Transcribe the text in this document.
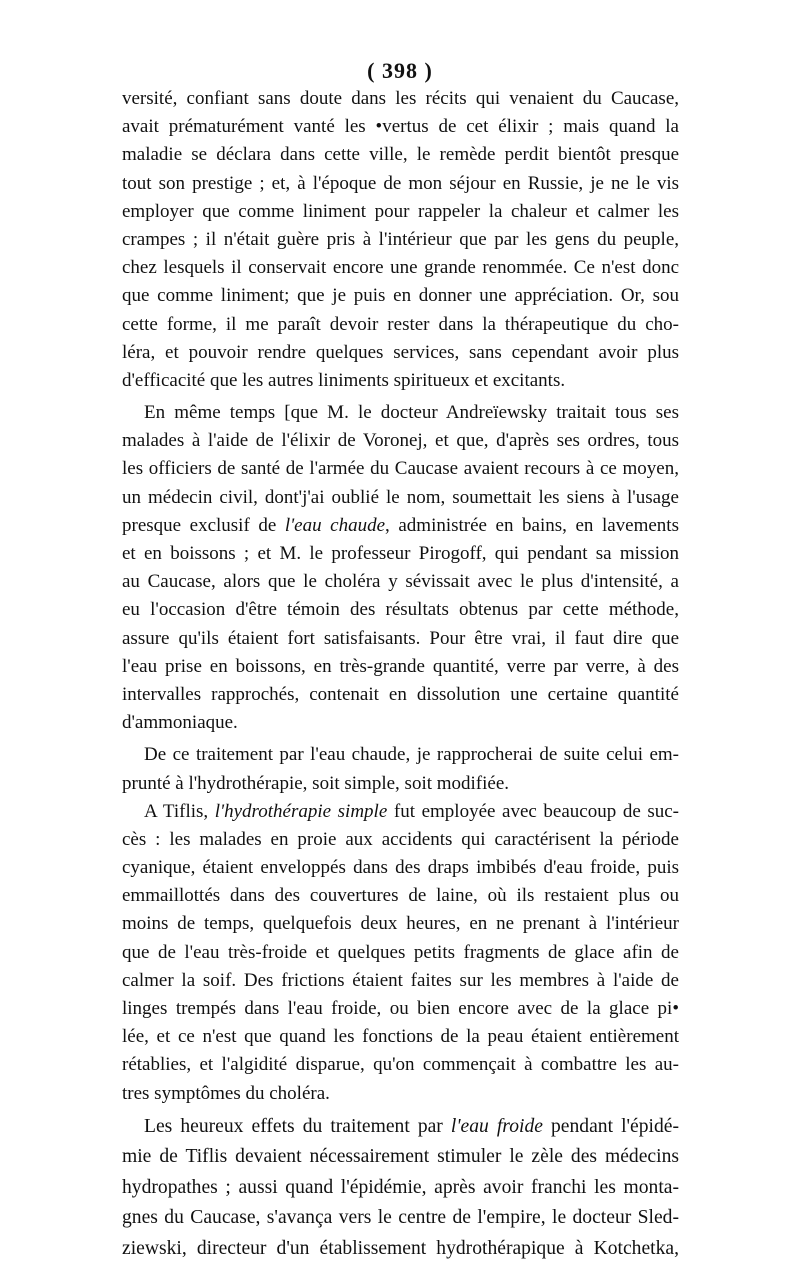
( 398 )
versité, confiant sans doute dans les récits qui venaient du Caucase,
avait prématurément vanté les •vertus de cet élixir ; mais quand la
maladie se déclara dans cette ville, le remède perdit bientôt presque
tout son prestige ; et, à l'époque de mon séjour en Russie, je ne le vis
employer que comme liniment pour rappeler la chaleur et calmer les
crampes ; il n'était guère pris à l'intérieur que par les gens du peuple,
chez lesquels il conservait encore une grande renommée. Ce n'est donc
que comme liniment; que je puis en donner une appréciation. Or, sou
cette forme, il me paraît devoir rester dans la thérapeutique du cho-
léra, et pouvoir rendre quelques services, sans cependant avoir plus
d'efficacité que les autres liniments spiritueux et excitants.
En même temps [que M. le docteur Andreïewsky traitait tous ses
malades à l'aide de l'élixir de Voronej, et que, d'après ses ordres, tous
les officiers de santé de l'armée du Caucase avaient recours à ce moyen,
un médecin civil, dont'j'ai oublié le nom, soumettait les siens à l'usage
presque exclusif de l'eau chaude, administrée en bains, en lavements
et en boissons ; et M. le professeur Pirogoff, qui pendant sa mission
au Caucase, alors que le choléra y sévissait avec le plus d'intensité, a
eu l'occasion d'être témoin des résultats obtenus par cette méthode,
assure qu'ils étaient fort satisfaisants. Pour être vrai, il faut dire que
l'eau prise en boissons, en très-grande quantité, verre par verre, à des
intervalles rapprochés, contenait en dissolution une certaine quantité
d'ammoniaque.
De ce traitement par l'eau chaude, je rapprocherai de suite celui em-
prunté à l'hydrothérapie, soit simple, soit modifiée.
A Tiflis, l'hydrothérapie simple fut employée avec beaucoup de suc-
cès : les malades en proie aux accidents qui caractérisent la période
cyanique, étaient enveloppés dans des draps imbibés d'eau froide, puis
emmaillottés dans des couvertures de laine, où ils restaient plus ou
moins de temps, quelquefois deux heures, en ne prenant à l'intérieur
que de l'eau très-froide et quelques petits fragments de glace afin de
calmer la soif. Des frictions étaient faites sur les membres à l'aide de
linges trempés dans l'eau froide, ou bien encore avec de la glace pi•
lée, et ce n'est que quand les fonctions de la peau étaient entièrement
rétablies, et l'algidité disparue, qu'on commençait à combattre les au-
tres symptômes du choléra.
Les heureux effets du traitement par l'eau froide pendant l'épidé-
mie de Tiflis devaient nécessairement stimuler le zèle des médecins
hydropathes ; aussi quand l'épidémie, après avoir franchi les monta-
gnes du Caucase, s'avança vers le centre de l'empire, le docteur Sled-
ziewski, directeur d'un établissement hydrothérapique à Kotchetka,
